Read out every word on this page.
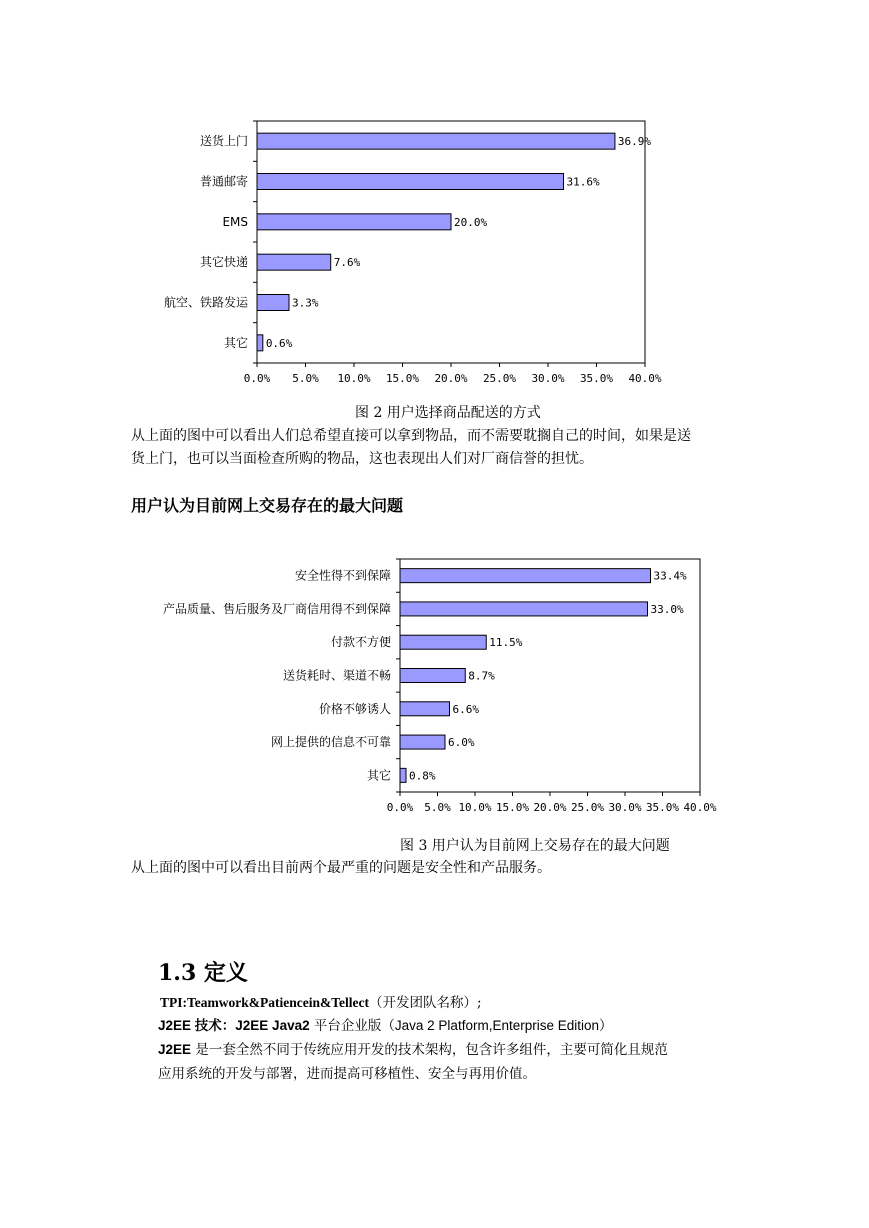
0.0% 5.0% 10.0% 15.0% 20.0% 25.0% 30.0% 35.0% 40.0%
送货上门	36.9%
普通邮寄	31.6%
EMS	20.0%
其它快递	7.6%
航空、铁路发运	3.3%
其它 0.6%
图 2 用户选择商品配送的方式
从上面的图中可以看出人们总希望直接可以拿到物品，而不需要耽搁自己的时间，如果是送
货上门，也可以当面检查所购的物品，这也表现出人们对厂商信誉的担忧。
用户认为目前网上交易存在的最大问题
0.0% 5.0% 10.0% 15.0% 20.0% 25.0% 30.0% 35.0% 40.0%
安全性得不到保障	33.4%
产品质量、售后服务及厂商信用得不到保障	33.0%
付款不方便	11.5%
送货耗时、渠道不畅	8.7%
价格不够诱人	6.6%
网上提供的信息不可靠	6.0%
其它 0.8%
图 3 用户认为目前网上交易存在的最大问题
从上面的图中可以看出目前两个最严重的问题是安全性和产品服务。
1.3 定义
TPI:Teamwork&Patiencein&Tellect（开发团队名称）;
J2EE 技术：J2EE Java2 平台企业版（Java 2 Platform,Enterprise Edition）
J2EE 是一套全然不同于传统应用开发的技术架构，包含许多组件，主要可简化且规范
应用系统的开发与部署，进而提高可移植性、安全与再用价值。
